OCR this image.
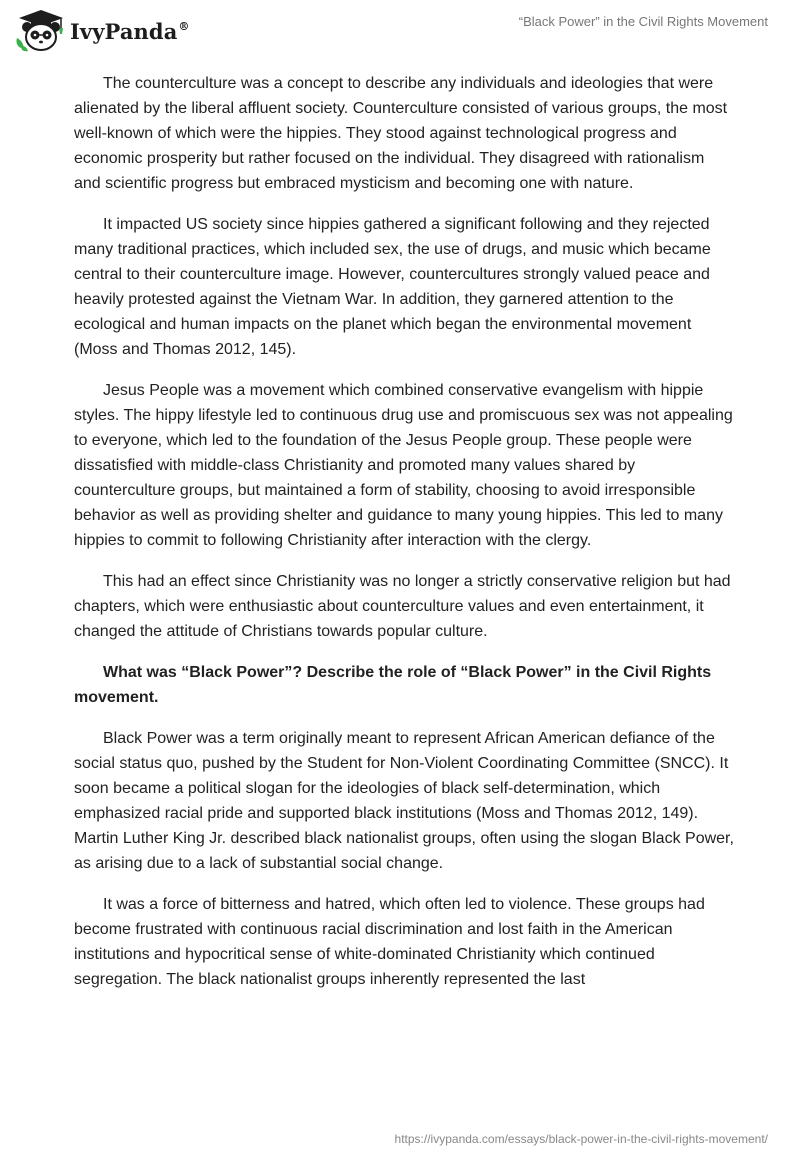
IvyPanda®	“Black Power” in the Civil Rights Movement

The counterculture was a concept to describe any individuals and ideologies that were alienated by the liberal affluent society. Counterculture consisted of various groups, the most well-known of which were the hippies. They stood against technological progress and economic prosperity but rather focused on the individual. They disagreed with rationalism and scientific progress but embraced mysticism and becoming one with nature.

It impacted US society since hippies gathered a significant following and they rejected many traditional practices, which included sex, the use of drugs, and music which became central to their counterculture image. However, countercultures strongly valued peace and heavily protested against the Vietnam War. In addition, they garnered attention to the ecological and human impacts on the planet which began the environmental movement (Moss and Thomas 2012, 145).

Jesus People was a movement which combined conservative evangelism with hippie styles. The hippy lifestyle led to continuous drug use and promiscuous sex was not appealing to everyone, which led to the foundation of the Jesus People group. These people were dissatisfied with middle-class Christianity and promoted many values shared by counterculture groups, but maintained a form of stability, choosing to avoid irresponsible behavior as well as providing shelter and guidance to many young hippies. This led to many hippies to commit to following Christianity after interaction with the clergy.

This had an effect since Christianity was no longer a strictly conservative religion but had chapters, which were enthusiastic about counterculture values and even entertainment, it changed the attitude of Christians towards popular culture.

What was “Black Power”? Describe the role of “Black Power” in the Civil Rights movement.

Black Power was a term originally meant to represent African American defiance of the social status quo, pushed by the Student for Non-Violent Coordinating Committee (SNCC). It soon became a political slogan for the ideologies of black self-determination, which emphasized racial pride and supported black institutions (Moss and Thomas 2012, 149). Martin Luther King Jr. described black nationalist groups, often using the slogan Black Power, as arising due to a lack of substantial social change.

It was a force of bitterness and hatred, which often led to violence. These groups had become frustrated with continuous racial discrimination and lost faith in the American institutions and hypocritical sense of white-dominated Christianity which continued segregation. The black nationalist groups inherently represented the last

https://ivypanda.com/essays/black-power-in-the-civil-rights-movement/
